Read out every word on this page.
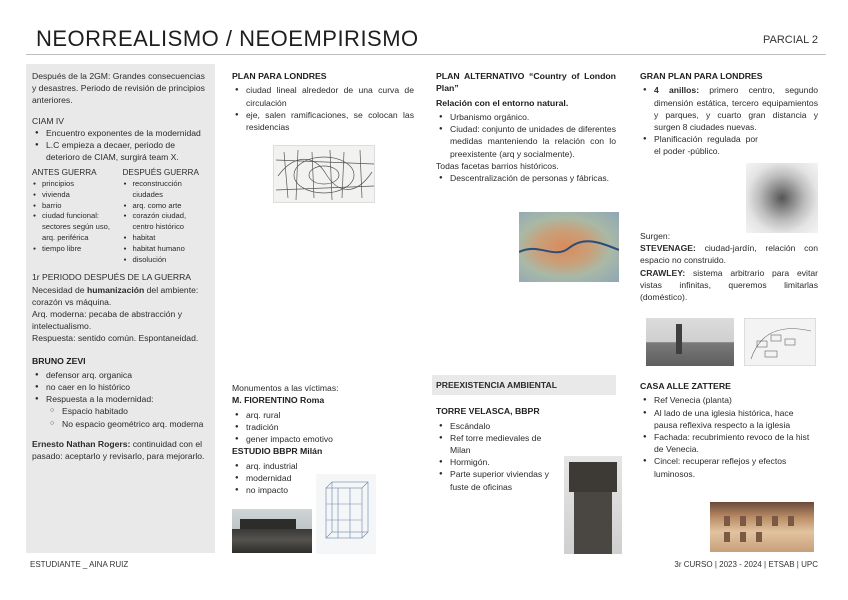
NEORREALISMO / NEOEMPIRISMO	PARCIAL 2

Después de la 2GM: Grandes consecuencias y desastres. Periodo de revisión de principios anteriores.

CIAM IV

● Encuentro exponentes de la modernidad
● L.C empieza a decaer, periodo de deterioro de CIAM, surgirá team X.

ANTES GUERRA

● principios
● vivienda
● barrio
● ciudad funcional: sectores según uso, arq. periférica
● tiempo libre

DESPUÉS GUERRA

● reconstrucción ciudades
● arq. como arte
● corazón ciudad, centro histórico
● habitat
● habitat humano
● disolución

1r PERIODO DESPUÉS DE LA GUERRA

Necesidad de humanización del ambiente: corazón vs máquina.

Arq. moderna: pecaba de abstracción y intelectualismo.

Respuesta: sentido común. Espontaneidad.

BRUNO ZEVI

● defensor arq. organica
● no caer en lo histórico
● Respuesta a la modernidad:
○ Espacio habitado
○ No espacio geométrico arq. moderna

Ernesto Nathan Rogers: continuidad con el pasado: aceptarlo y revisarlo, para mejorarlo.

PLAN PARA LONDRES

● ciudad lineal alrededor de una curva de circulación
● eje, salen ramificaciones, se colocan las residencias

Monumentos a las víctimas:

M. FIORENTINO Roma

● arq. rural
● tradición
● gener impacto emotivo

ESTUDIO BBPR Milán

● arq. industrial
● modernidad
● no impacto

PLAN ALTERNATIVO “Country of London Plan”

Relación con el entorno natural.

● Urbanismo orgánico.
● Ciudad: conjunto de unidades de diferentes medidas manteniendo la relación con lo preexistente (arq y socialmente).

Todas facetas barrios históricos.

● Descentralización de personas y fábricas.
PREEXISTENCIA AMBIENTAL

TORRE VELASCA, BBPR

● Escándalo
● Ref torre medievales de Milan
● Hormigón.
● Parte superior viviendas y fuste de oficinas

GRAN PLAN PARA LONDRES

● 4 anillos: primero centro, segundo dimensión estática, tercero equipamientos y parques, y cuarto gran distancia y surgen 8 ciudades nuevas.
● Planificación regulada por el poder -público.

Surgen:

STEVENAGE: ciudad-jardín, relación con espacio no construido.

CRAWLEY: sistema arbitrario para evitar vistas infinitas, queremos limitarlas (doméstico).

CASA ALLE ZATTERE

● Ref Venecia (planta)
● Al lado de una iglesia histórica, hace pausa reflexiva respecto a la iglesia
● Fachada: recubrimiento revoco de la hist de Venecia.
● Cincel: recuperar reflejos y efectos luminosos.
ESTUDIANTE _ AINA RUIZ	3r CURSO | 2023 - 2024 | ETSAB | UPC
